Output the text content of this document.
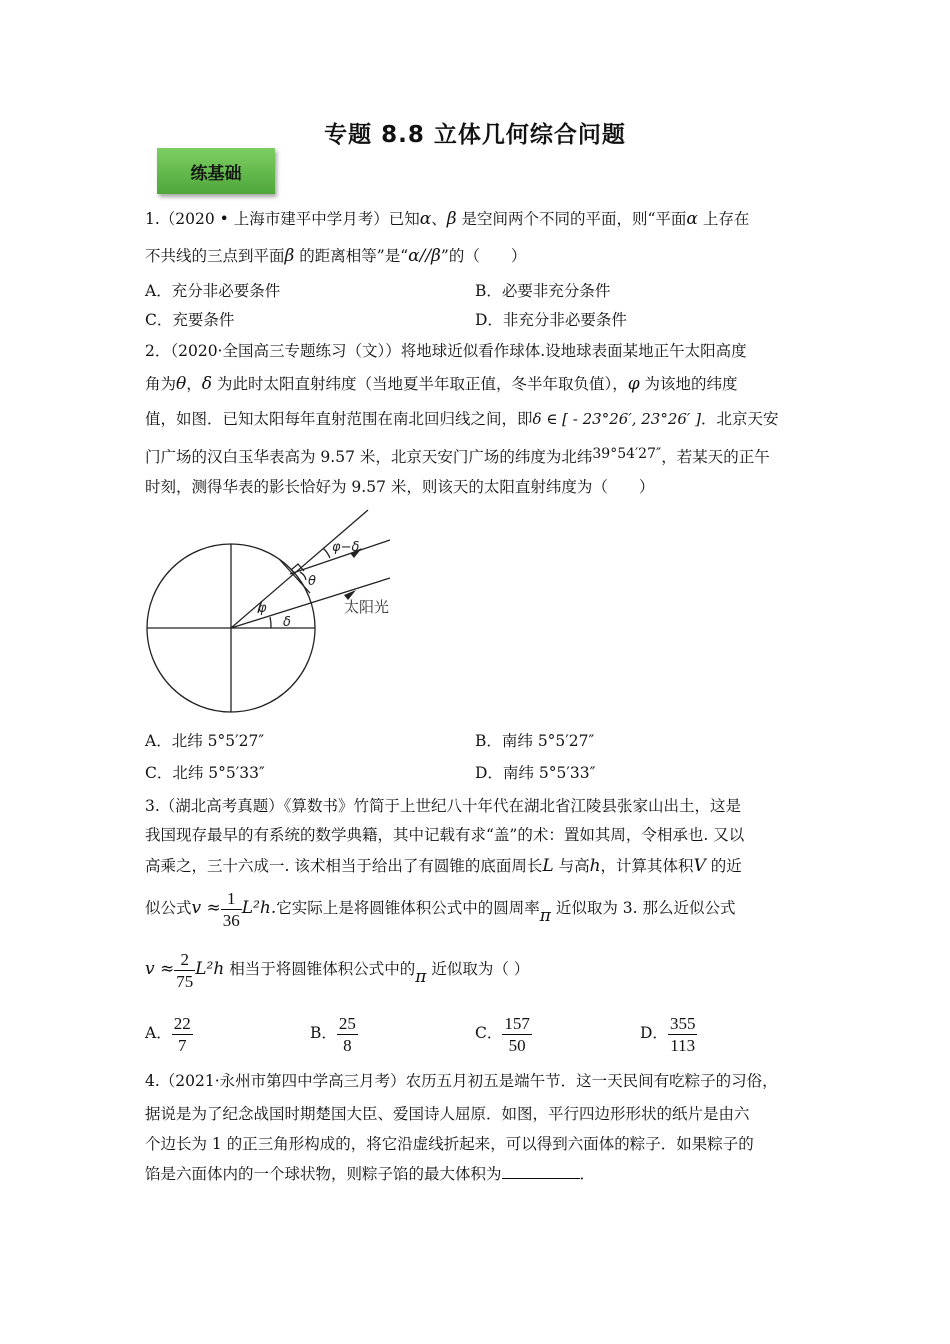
专题 8.8 立体几何综合问题
练基础
1.（2020 • 上海市建平中学月考）已知α、β 是空间两个不同的平面，则“平面α 上存在
不共线的三点到平面β 的距离相等”是“α//β”的（　　）
A．充分非必要条件	B．必要非充分条件
C．充要条件	D．非充分非必要条件
2．（2020·全国高三专题练习（文））将地球近似看作球体.设地球表面某地正午太阳高度
角为θ，δ 为此时太阳直射纬度（当地夏半年取正值，冬半年取负值），φ 为该地的纬度
值，如图．已知太阳每年直射范围在南北回归线之间，即δ ∈ [ - 23°26′, 23°26′ ]．北京天安
门广场的汉白玉华表高为 9.57 米，北京天安门广场的纬度为北纬39°54′27″，若某天的正午
时刻，测得华表的影长恰好为 9.57 米，则该天的太阳直射纬度为（　　）
φ−δ
θ
φ
δ
太阳光
A．北纬 5°5′27″	B．南纬 5°5′27″
C．北纬 5°5′33″	D．南纬 5°5′33″
3.（湖北高考真题）《算数书》竹简于上世纪八十年代在湖北省江陵县张家山出土，这是
我国现存最早的有系统的数学典籍，其中记载有求“盖”的术：置如其周，令相承也. 又以
高乘之，三十六成一. 该术相当于给出了有圆锥的底面周长L 与高h，计算其体积V 的近
似公式$v \approx \frac{1}{36} L^2h$.它实际上是将圆锥体积公式中的圆周率π 近似取为 3. 那么近似公式
$v \approx \frac{2}{75} L^2h$ 相当于将圆锥体积公式中的π 近似取为（ ）
A． $\frac{22}{7}$	B． $\frac{25}{8}$	C． $\frac{157}{50}$	D． $\frac{355}{113}$
4.（2021·永州市第四中学高三月考）农历五月初五是端午节．这一天民间有吃粽子的习俗，
据说是为了纪念战国时期楚国大臣、爱国诗人屈原．如图，平行四边形形状的纸片是由六
个边长为 1 的正三角形构成的，将它沿虚线折起来，可以得到六面体的粽子．如果粽子的
馅是六面体内的一个球状物，则粽子馅的最大体积为	．
